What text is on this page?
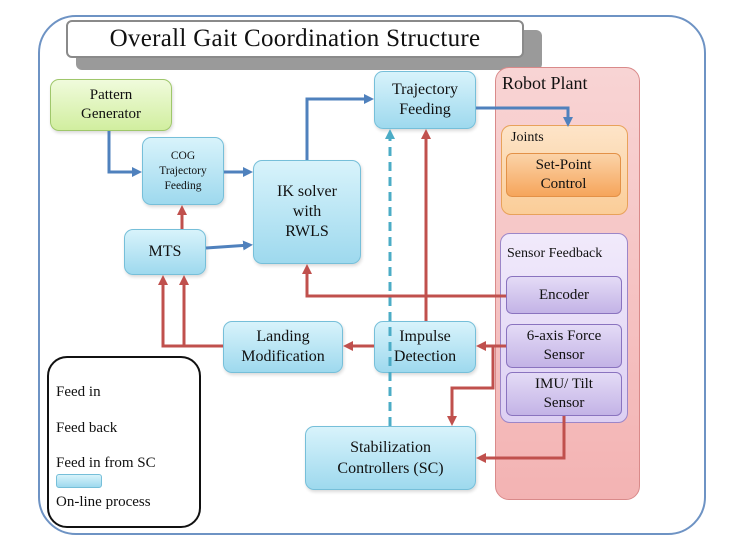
Overall Gait Coordination Structure
Robot Plant
Joints
Set-Point
Control
Sensor Feedback
Encoder
6-axis Force
Sensor
IMU/ Tilt
Sensor
Pattern
Generator
COG
Trajectory
Feeding
MTS
IK solver
with
RWLS
Trajectory
Feeding
Landing
Modification
Impulse
Detection
Stabilization
Controllers (SC)
Feed in
Feed back
Feed in from SC
On-line process
